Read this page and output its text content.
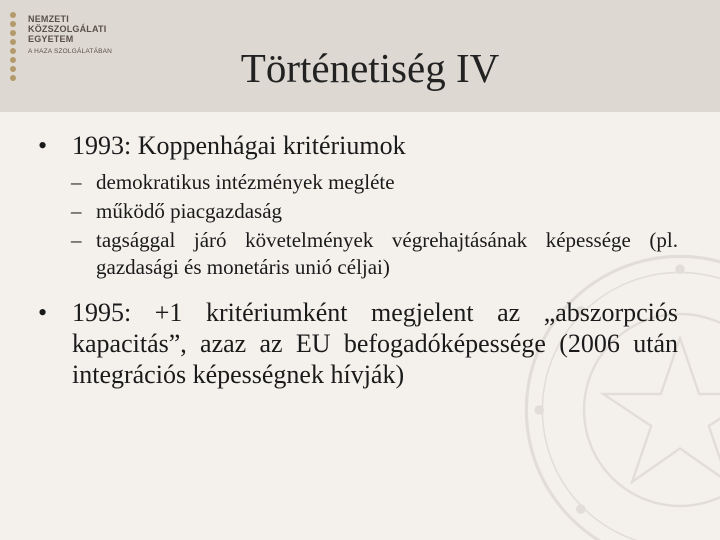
NEMZETI
KÖZSZOLGÁLATI
EGYETEM
A HAZA SZOLGÁLATÁBAN	Történetiség IV
• 1993: Koppenhágai kritériumok
– demokratikus intézmények megléte
– működő piacgazdaság
– tagsággal járó követelmények végrehajtásának képessége (pl. gazdasági és monetáris unió céljai)
• 1995: +1 kritériumként megjelent az „abszorpciós kapacitás”, azaz az EU befogadóképessége (2006 után integrációs képességnek hívják)
